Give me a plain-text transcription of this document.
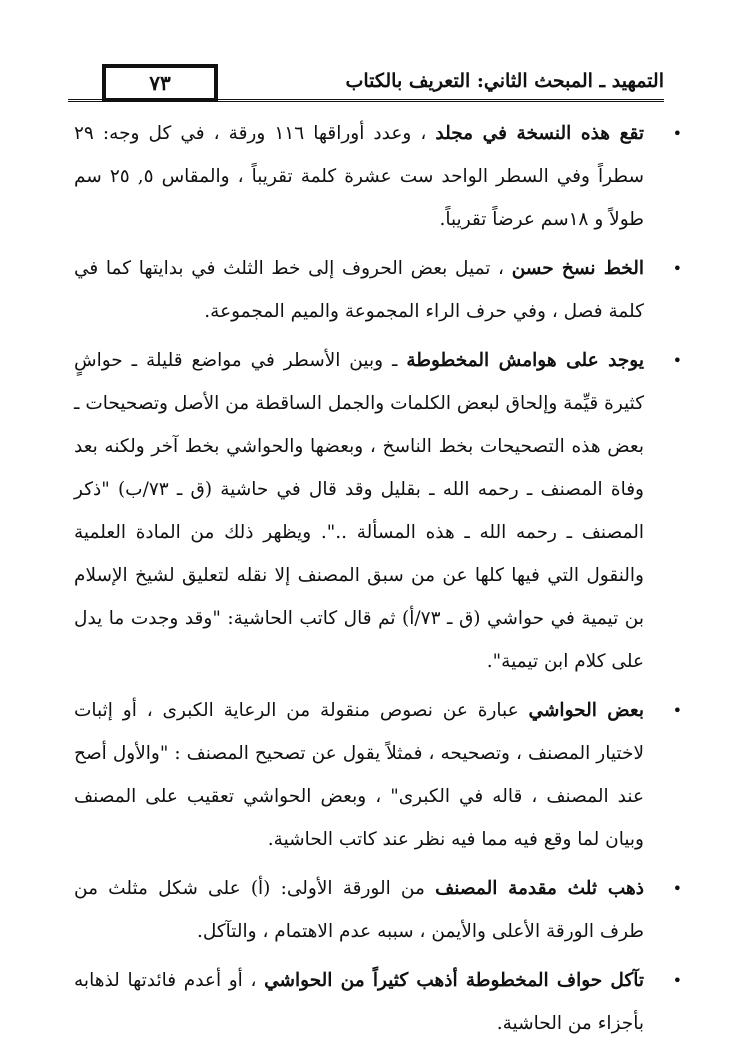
٧٣	التمهيد ـ المبحث الثاني: التعريف بالكتاب
• تقع هذه النسخة في مجلد ، وعدد أوراقها ١١٦ ورقة ، في كل وجه: ٢٩ سطراً وفي السطر الواحد ست عشرة كلمة تقريباً ، والمقاس ٥, ٢٥ سم طولاً و ١٨سم عرضاً تقريباً.
• الخط نسخ حسن ، تميل بعض الحروف إلى خط الثلث في بدايتها كما في كلمة فصل ، وفي حرف الراء المجموعة والميم المجموعة.
• يوجد على هوامش المخطوطة ـ وبين الأسطر في مواضع قليلة ـ حواشٍ كثيرة قيِّمة وإلحاق لبعض الكلمات والجمل الساقطة من الأصل وتصحيحات ـ بعض هذه التصحيحات بخط الناسخ ، وبعضها والحواشي بخط آخر ولكنه بعد وفاة المصنف ـ رحمه الله ـ بقليل وقد قال في حاشية (ق ـ ٧٣/ب) "ذكر المصنف ـ رحمه الله ـ هذه المسألة ..". ويظهر ذلك من المادة العلمية والنقول التي فيها كلها عن من سبق المصنف إلا نقله لتعليق لشيخ الإسلام بن تيمية في حواشي (ق ـ ٧٣/أ) ثم قال كاتب الحاشية: "وقد وجدت ما يدل على كلام ابن تيمية".
• بعض الحواشي عبارة عن نصوص منقولة من الرعاية الكبرى ، أو إثبات لاختيار المصنف ، وتصحيحه ، فمثلاً يقول عن تصحيح المصنف : "والأول أصح عند المصنف ، قاله في الكبرى" ، وبعض الحواشي تعقيب على المصنف وبيان لما وقع فيه مما فيه نظر عند كاتب الحاشية.
• ذهب ثلث مقدمة المصنف من الورقة الأولى: (أ) على شكل مثلث من طرف الورقة الأعلى والأيمن ، سببه عدم الاهتمام ، والتآكل.
• تآكل حواف المخطوطة أذهب كثيراً من الحواشي ، أو أعدم فائدتها لذهابه بأجزاء من الحاشية.
